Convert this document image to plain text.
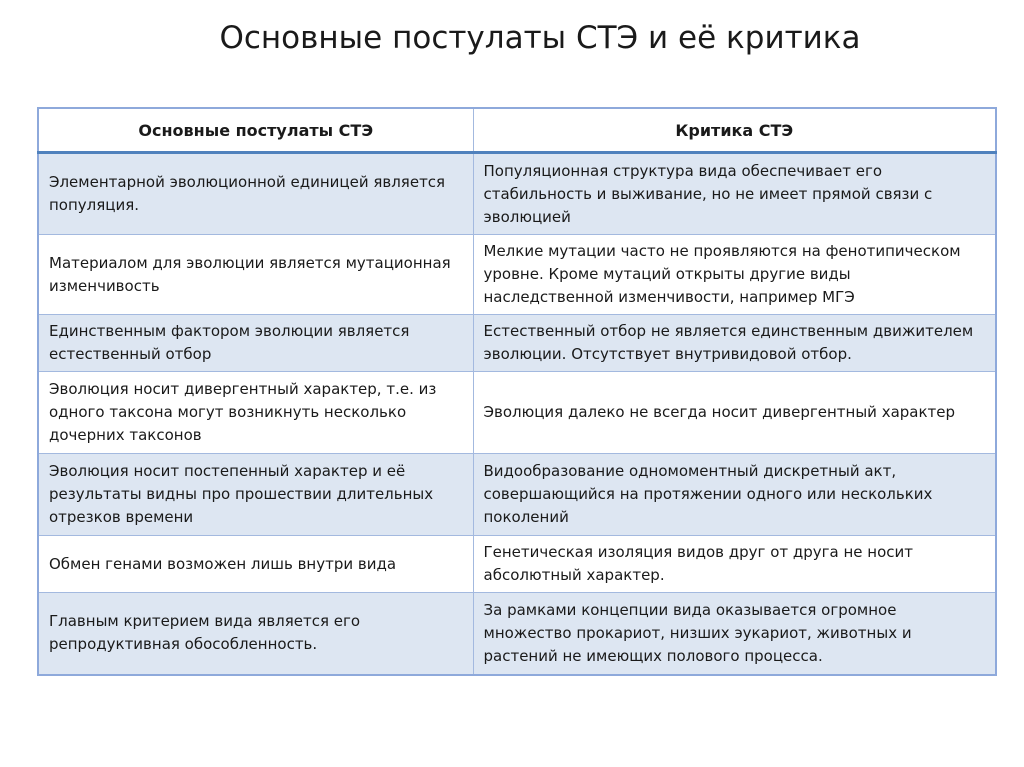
Основные постулаты СТЭ и её критика
Основные постулаты СТЭ	Критика СТЭ
Элементарной эволюционной единицей является популяция.	Популяционная структура вида обеспечивает его стабильность и выживание, но не имеет прямой связи с эволюцией
Материалом для эволюции является мутационная изменчивость	Мелкие мутации часто не проявляются на фенотипическом уровне. Кроме мутаций открыты другие виды наследственной изменчивости, например МГЭ
Единственным фактором эволюции является естественный отбор	Естественный отбор не является единственным движителем эволюции. Отсутствует внутривидовой отбор.
Эволюция носит дивергентный характер, т.е. из одного таксона могут возникнуть несколько дочерних таксонов	Эволюция далеко не всегда носит дивергентный характер
Эволюция носит постепенный характер и её результаты видны про прошествии длительных отрезков времени	Видообразование одномоментный дискретный акт, совершающийся на протяжении одного или нескольких поколений
Обмен генами возможен лишь внутри вида	Генетическая изоляция видов друг от друга не носит абсолютный характер.
Главным критерием вида является его репродуктивная обособленность.	За рамками концепции вида оказывается огромное множество прокариот, низших эукариот, животных и растений не имеющих полового процесса.
